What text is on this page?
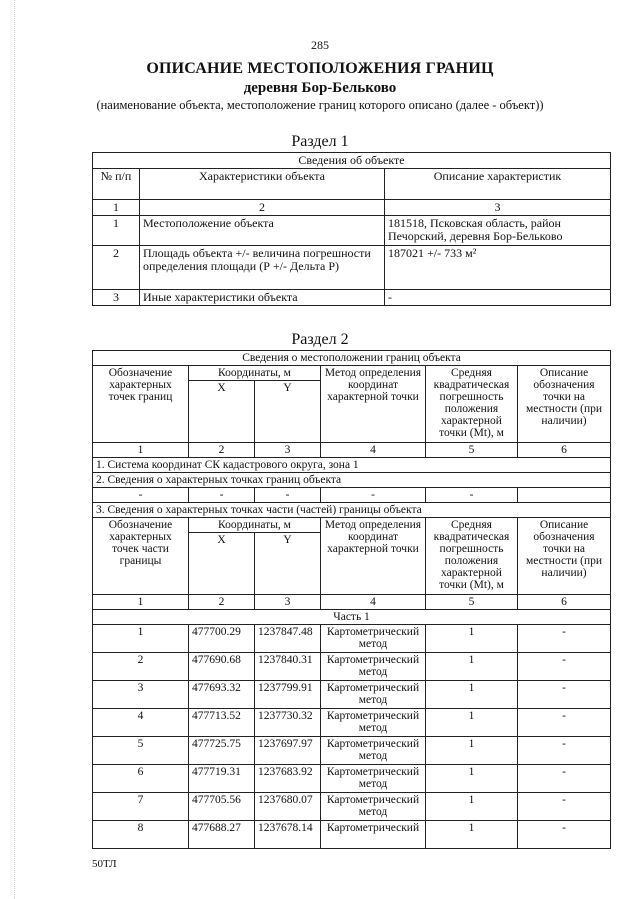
285
ОПИСАНИЕ МЕСТОПОЛОЖЕНИЯ ГРАНИЦ
деревня Бор-Бельково
(наименование объекта, местоположение границ которого описано (далее - объект))
Раздел 1
Сведения об объекте		
№ п/п	Характеристики объекта	Описание характеристик
1	2	3
1	Местоположение объекта	181518, Псковская область, район Печорский, деревня Бор-Бельково
2	Площадь объекта +/- величина погрешности определения площади (Р +/- Дельта Р)	187021 +/- 733 м²
3	Иные характеристики объекта	-
Раздел 2
Сведения о местоположении границ объекта					
Обозначение характерных точек границ	Координаты, м		Метод определения координат характерной точки	Средняя квадратическая погрешность положения характерной точки (Mt), м	Описание обозначения точки на местности (при наличии)
	X	Y			
1	2	3	4	5	6
1. Система координат СК кадастрового округа, зона 1					
2. Сведения о характерных точках границ объекта					
-	-	-	-	-	
3. Сведения о характерных точках части (частей) границы объекта					
Обозначение характерных точек части границы	Координаты, м		Метод определения координат характерной точки	Средняя квадратическая погрешность положения характерной точки (Mt), м	Описание обозначения точки на местности (при наличии)
	X	Y			
1	2	3	4	5	6
Часть 1					
1	477700.29	1237847.48	Картометрический метод	1	-
2	477690.68	1237840.31	Картометрический метод	1	-
3	477693.32	1237799.91	Картометрический метод	1	-
4	477713.52	1237730.32	Картометрический метод	1	-
5	477725.75	1237697.97	Картометрический метод	1	-
6	477719.31	1237683.92	Картометрический метод	1	-
7	477705.56	1237680.07	Картометрический метод	1	-
8	477688.27	1237678.14	Картометрический	1	-
50ТЛ
